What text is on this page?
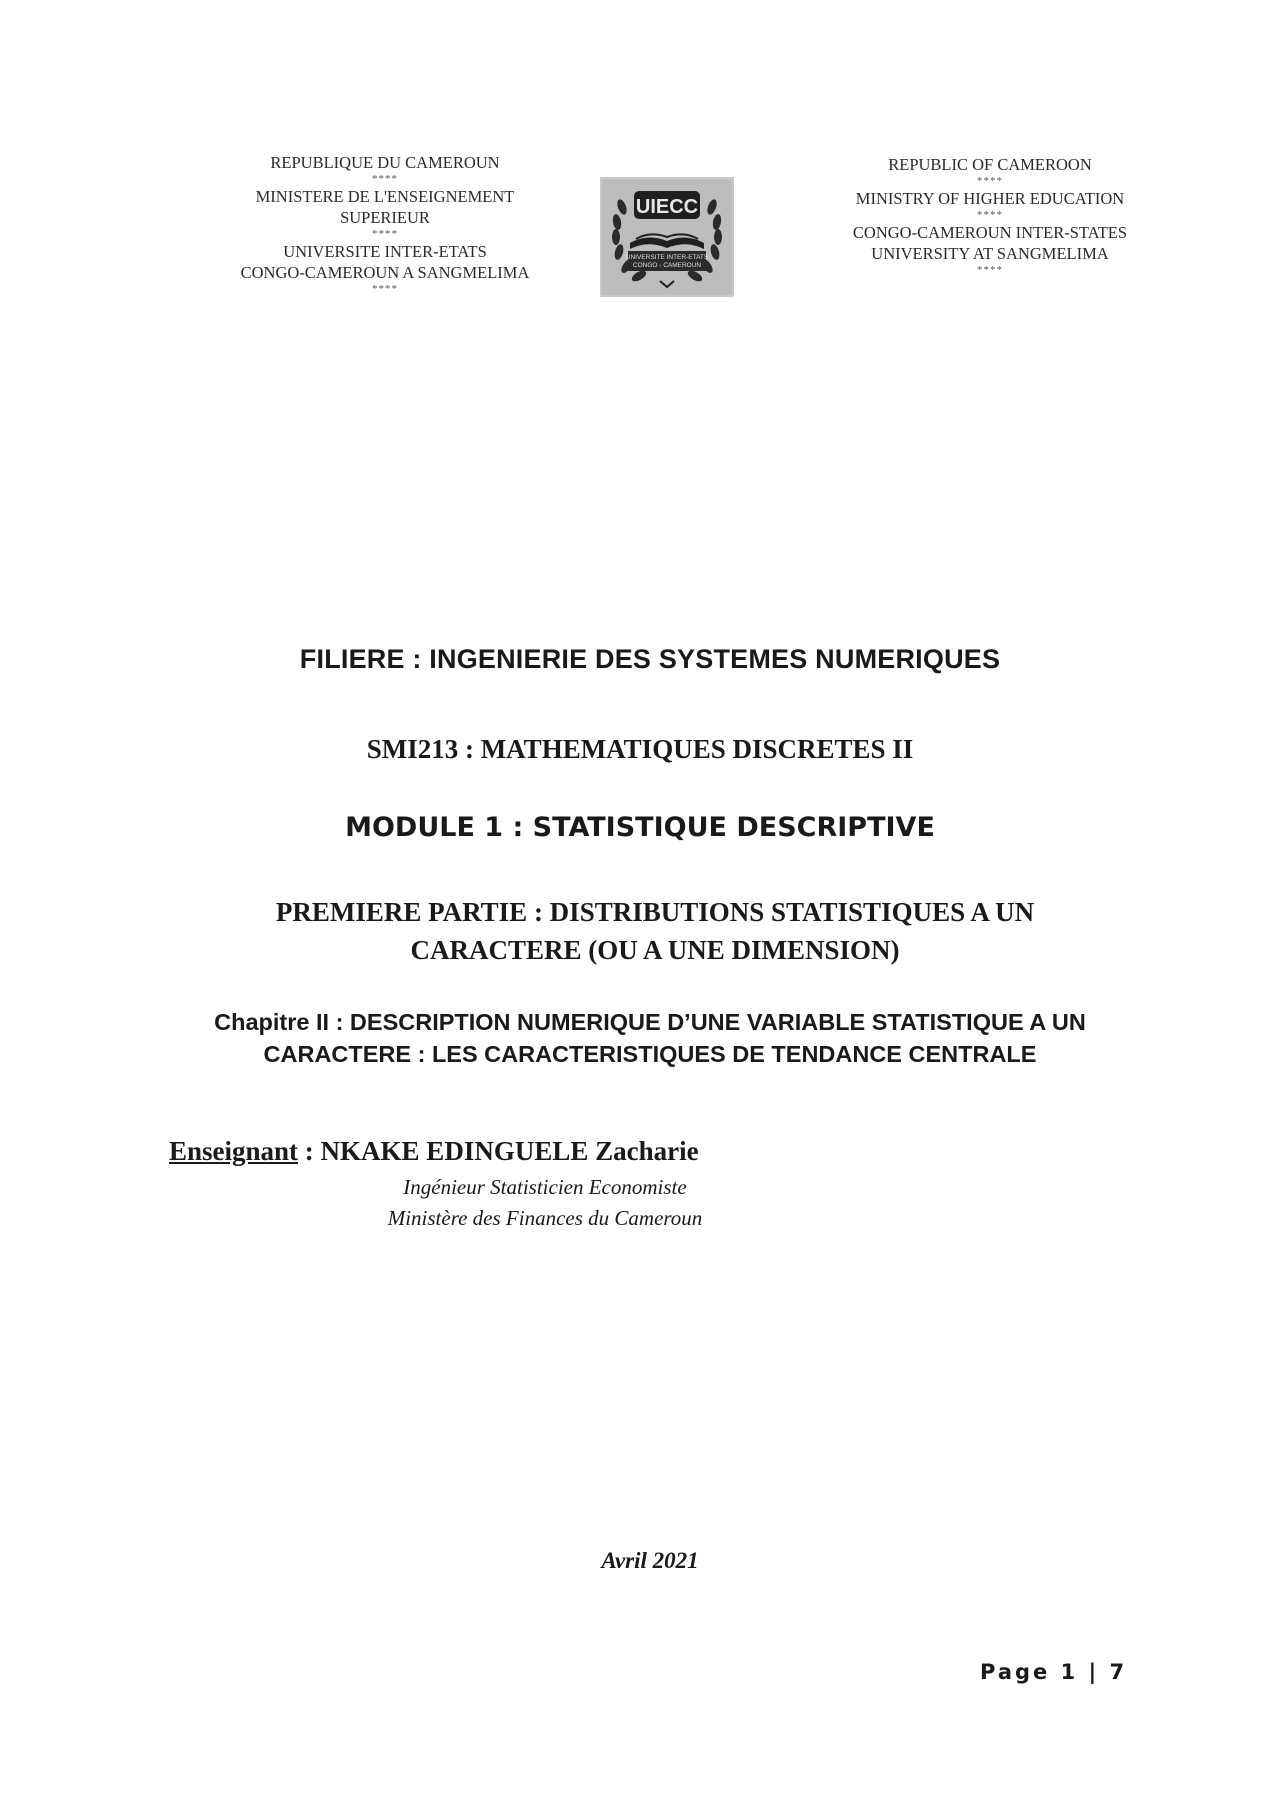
REPUBLIQUE DU CAMEROUN
****
MINISTERE DE L'ENSEIGNEMENT
SUPERIEUR
****
UNIVERSITE INTER-ETATS
CONGO-CAMEROUN A SANGMELIMA
****
UIECC
UNIVERSITE INTER-ETATS
CONGO - CAMEROUN
REPUBLIC OF CAMEROON
****
MINISTRY OF HIGHER EDUCATION
****
CONGO-CAMEROUN INTER-STATES
UNIVERSITY AT SANGMELIMA
****
FILIERE : INGENIERIE DES SYSTEMES NUMERIQUES
SMI213 : MATHEMATIQUES DISCRETES II
MODULE 1 : STATISTIQUE DESCRIPTIVE
PREMIERE PARTIE : DISTRIBUTIONS STATISTIQUES A UN CARACTERE (OU A UNE DIMENSION)
Chapitre II : DESCRIPTION NUMERIQUE D’UNE VARIABLE STATISTIQUE A UN CARACTERE : LES CARACTERISTIQUES DE TENDANCE CENTRALE
Enseignant : NKAKE EDINGUELE Zacharie
Ingénieur Statisticien Economiste
Ministère des Finances du Cameroun
Avril 2021
Page 1 | 7
